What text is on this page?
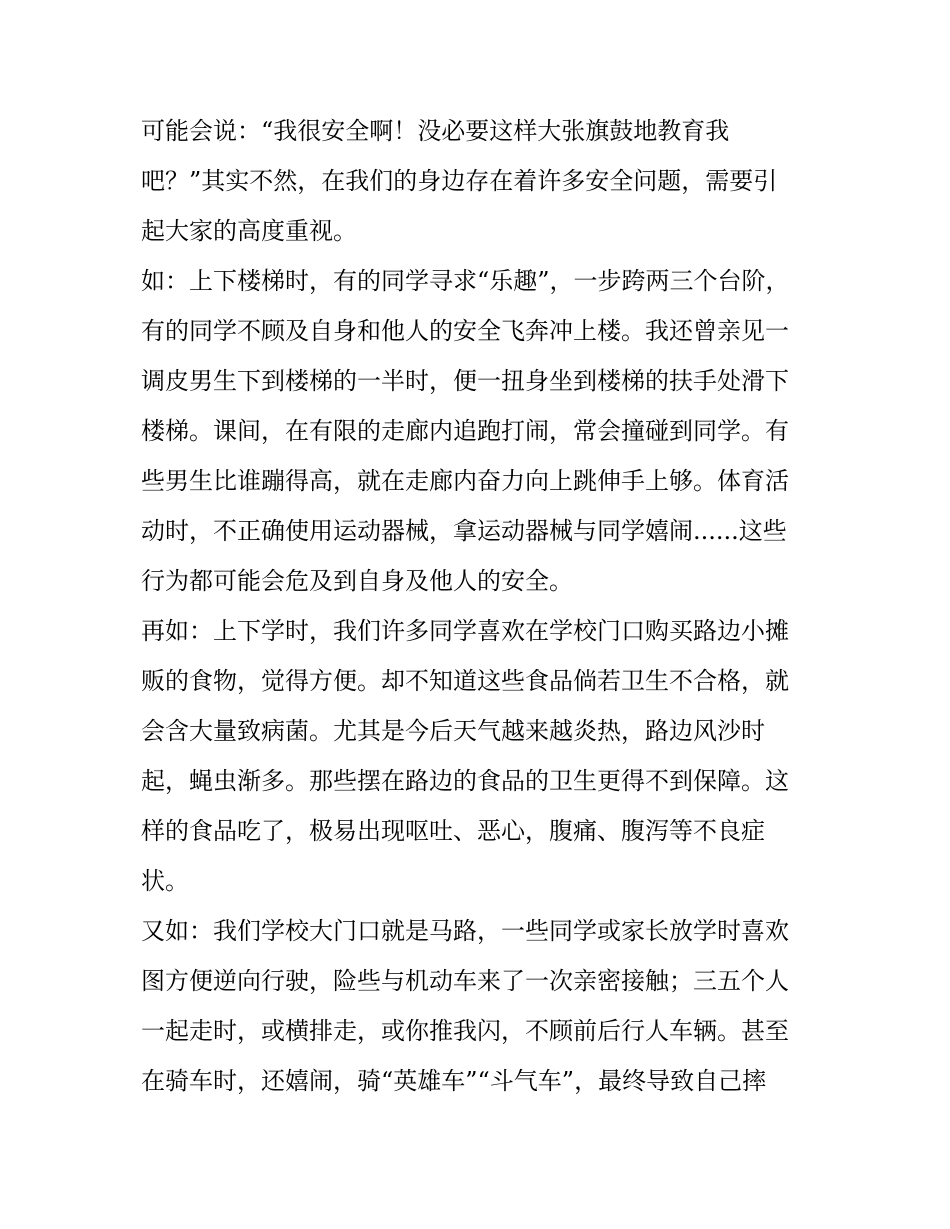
可能会说：“我很安全啊！没必要这样大张旗鼓地教育我
吧？”其实不然，在我们的身边存在着许多安全问题，需要引
起大家的高度重视。
如：上下楼梯时，有的同学寻求“乐趣”，一步跨两三个台阶，
有的同学不顾及自身和他人的安全飞奔冲上楼。我还曾亲见一
调皮男生下到楼梯的一半时，便一扭身坐到楼梯的扶手处滑下
楼梯。课间，在有限的走廊内追跑打闹，常会撞碰到同学。有
些男生比谁蹦得高，就在走廊内奋力向上跳伸手上够。体育活
动时，不正确使用运动器械，拿运动器械与同学嬉闹......这些
行为都可能会危及到自身及他人的安全。
再如：上下学时，我们许多同学喜欢在学校门口购买路边小摊
贩的食物，觉得方便。却不知道这些食品倘若卫生不合格，就
会含大量致病菌。尤其是今后天气越来越炎热，路边风沙时
起，蝇虫渐多。那些摆在路边的食品的卫生更得不到保障。这
样的食品吃了，极易出现呕吐、恶心，腹痛、腹泻等不良症
状。
又如：我们学校大门口就是马路，一些同学或家长放学时喜欢
图方便逆向行驶，险些与机动车来了一次亲密接触；三五个人
一起走时，或横排走，或你推我闪，不顾前后行人车辆。甚至
在骑车时，还嬉闹，骑“英雄车”“斗气车”，最终导致自己摔
